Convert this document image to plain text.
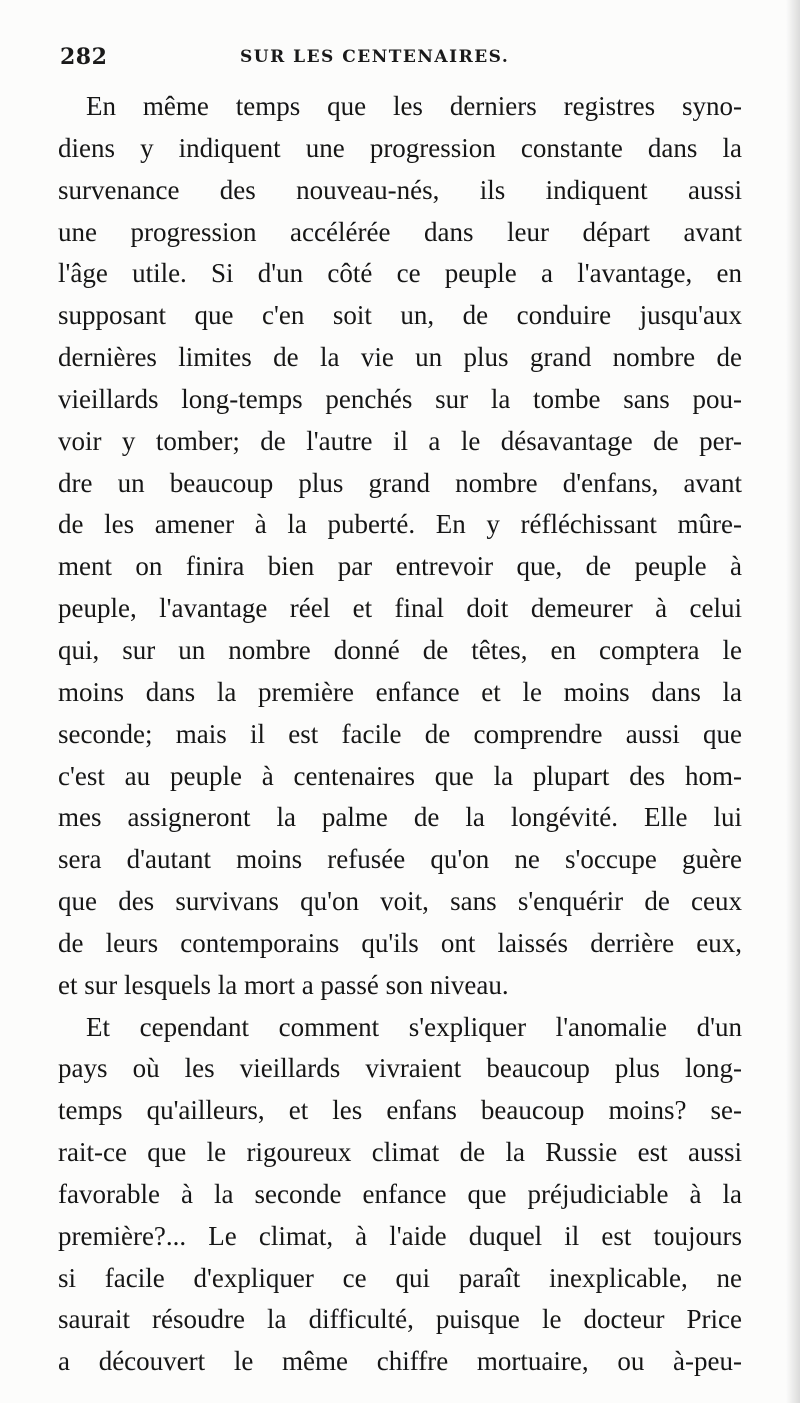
282	SUR LES CENTENAIRES.
En même temps que les derniers registres syno-
diens y indiquent une progression constante dans la
survenance des nouveau-nés, ils indiquent aussi
une progression accélérée dans leur départ avant
l'âge utile. Si d'un côté ce peuple a l'avantage, en
supposant que c'en soit un, de conduire jusqu'aux
dernières limites de la vie un plus grand nombre de
vieillards long-temps penchés sur la tombe sans pou-
voir y tomber; de l'autre il a le désavantage de per-
dre un beaucoup plus grand nombre d'enfans, avant
de les amener à la puberté. En y réfléchissant mûre-
ment on finira bien par entrevoir que, de peuple à
peuple, l'avantage réel et final doit demeurer à celui
qui, sur un nombre donné de têtes, en comptera le
moins dans la première enfance et le moins dans la
seconde; mais il est facile de comprendre aussi que
c'est au peuple à centenaires que la plupart des hom-
mes assigneront la palme de la longévité. Elle lui
sera d'autant moins refusée qu'on ne s'occupe guère
que des survivans qu'on voit, sans s'enquérir de ceux
de leurs contemporains qu'ils ont laissés derrière eux,
et sur lesquels la mort a passé son niveau.
Et cependant comment s'expliquer l'anomalie d'un
pays où les vieillards vivraient beaucoup plus long-
temps qu'ailleurs, et les enfans beaucoup moins? se-
rait-ce que le rigoureux climat de la Russie est aussi
favorable à la seconde enfance que préjudiciable à la
première?... Le climat, à l'aide duquel il est toujours
si facile d'expliquer ce qui paraît inexplicable, ne
saurait résoudre la difficulté, puisque le docteur Price
a découvert le même chiffre mortuaire, ou à-peu-
